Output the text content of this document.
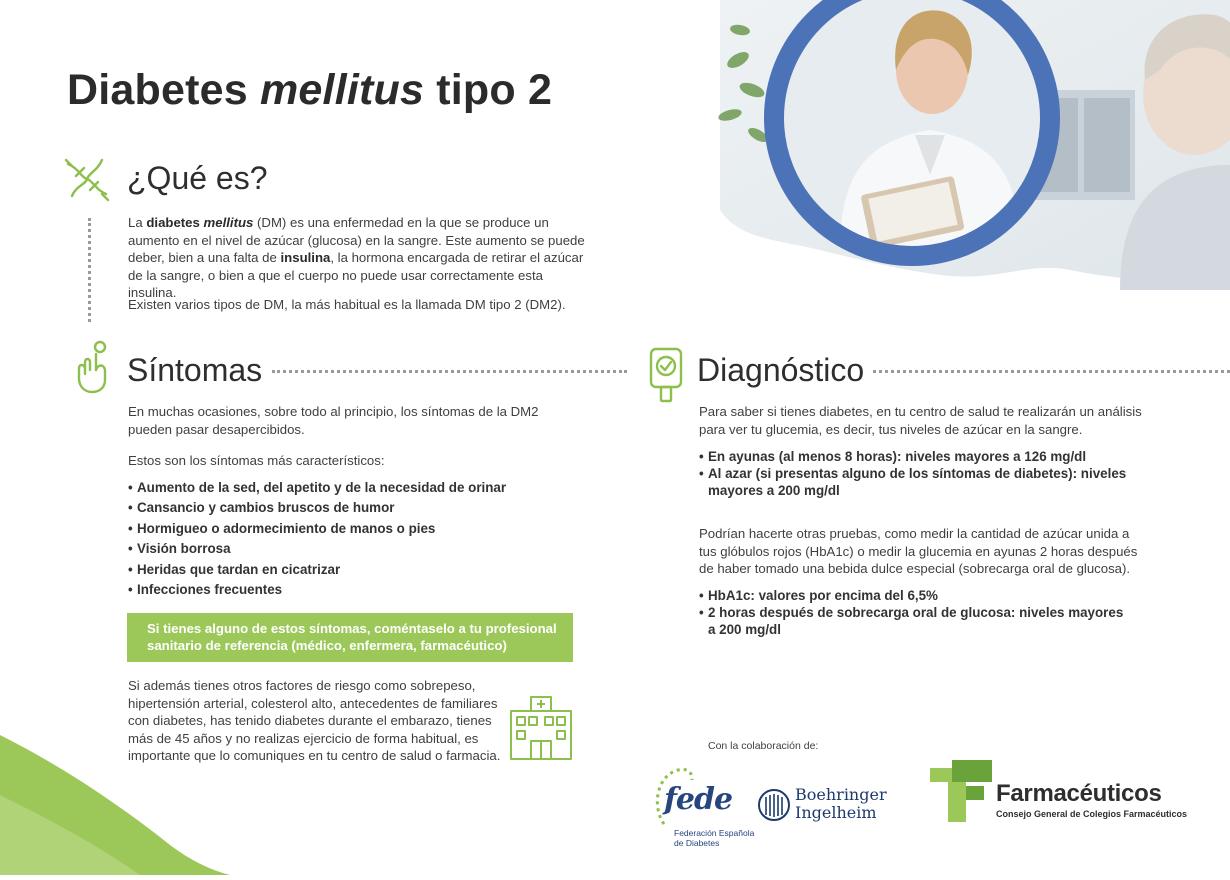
Diabetes mellitus tipo 2
¿Qué es?

La diabetes mellitus (DM) es una enfermedad en la que se produce un aumento en el nivel de azúcar (glucosa) en la sangre. Este aumento se puede deber, bien a una falta de insulina, la hormona encargada de retirar el azúcar de la sangre, o bien a que el cuerpo no puede usar correctamente esta insulina.

Existen varios tipos de DM, la más habitual es la llamada DM tipo 2 (DM2).

Síntomas

En muchas ocasiones, sobre todo al principio, los síntomas de la DM2 pueden pasar desapercibidos.

Estos son los síntomas más característicos:

• Aumento de la sed, del apetito y de la necesidad de orinar
• Cansancio y cambios bruscos de humor
• Hormigueo o adormecimiento de manos o pies
• Visión borrosa
• Heridas que tardan en cicatrizar
• Infecciones frecuentes
Si tienes alguno de estos síntomas, coméntaselo a tu profesional sanitario de referencia (médico, enfermera, farmacéutico)

Si además tienes otros factores de riesgo como sobrepeso, hipertensión arterial, colesterol alto, antecedentes de familiares con diabetes, has tenido diabetes durante el embarazo, tienes más de 45 años y no realizas ejercicio de forma habitual, es importante que lo comuniques en tu centro de salud o farmacia.

Diagnóstico

Para saber si tienes diabetes, en tu centro de salud te realizarán un análisis para ver tu glucemia, es decir, tus niveles de azúcar en la sangre.

• En ayunas (al menos 8 horas): niveles mayores a 126 mg/dl
• Al azar (si presentas alguno de los síntomas de diabetes): niveles mayores a 200 mg/dl

Podrían hacerte otras pruebas, como medir la cantidad de azúcar unida a tus glóbulos rojos (HbA1c) o medir la glucemia en ayunas 2 horas después de haber tomado una bebida dulce especial (sobrecarga oral de glucosa).

• HbA1c: valores por encima del 6,5%
• 2 horas después de sobrecarga oral de glucosa: niveles mayores a 200 mg/dl

Con la colaboración de:

fede
Federación Española de Diabetes
Boehringer
Ingelheim
Farmacéuticos
Consejo General de Colegios Farmacéuticos
